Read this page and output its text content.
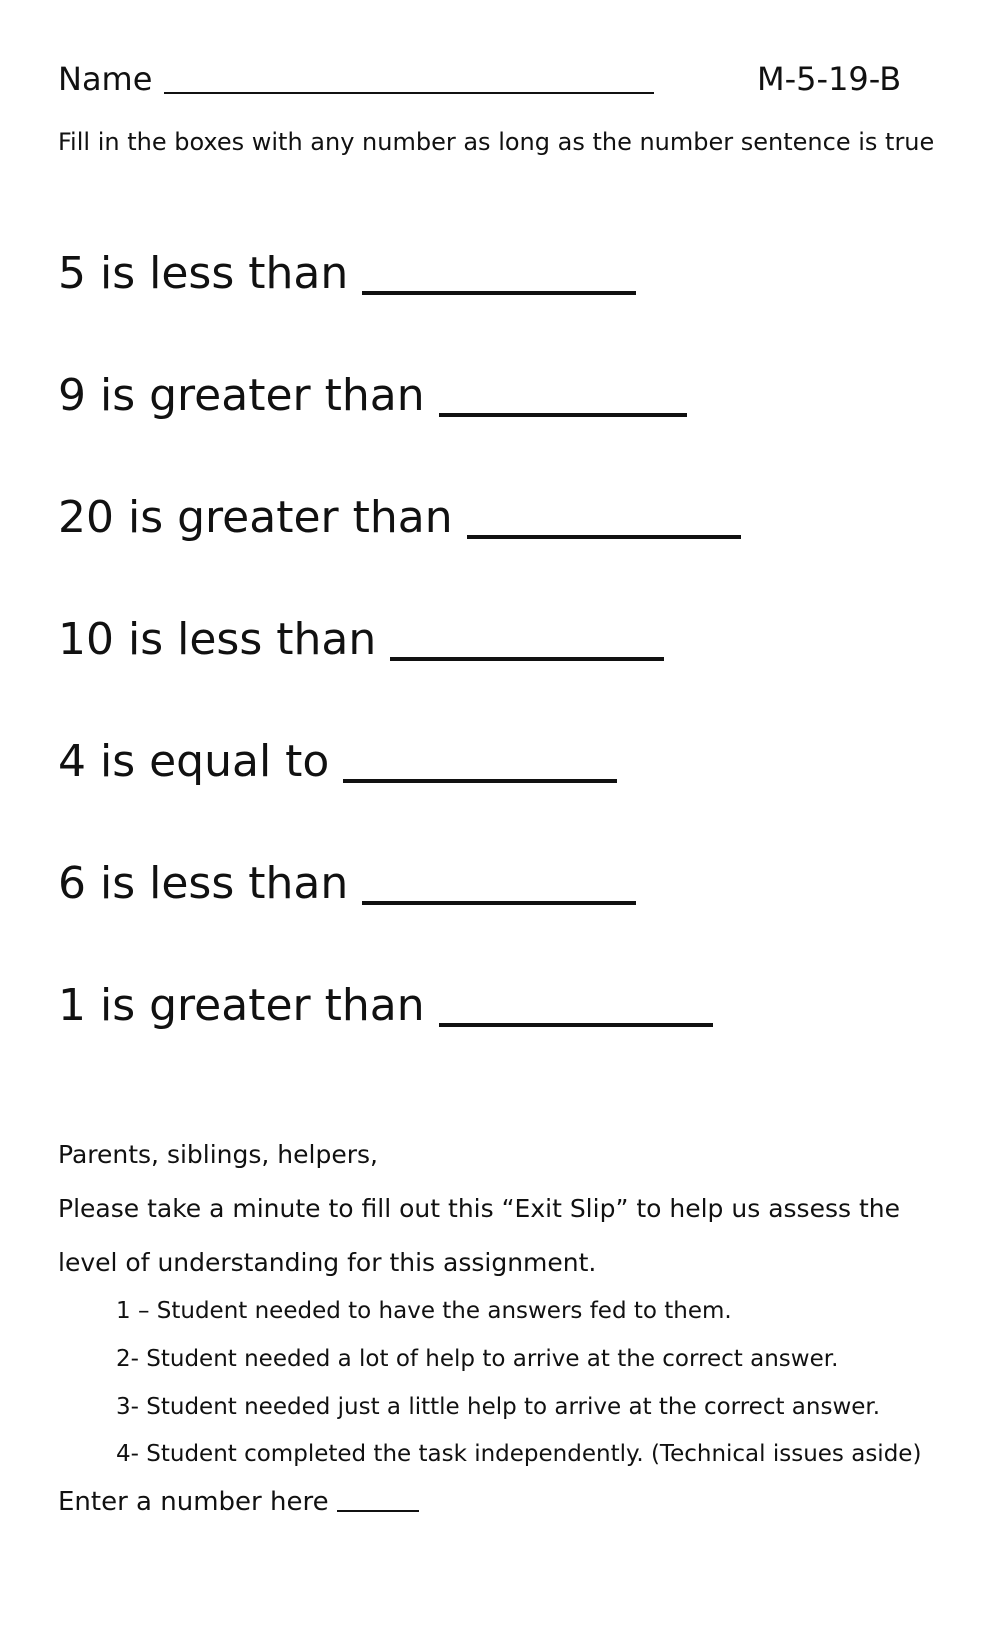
Name	M-5-19-B
Fill in the boxes with any number as long as the number sentence is true
5 is less than
9 is greater than
20 is greater than
10 is less than
4 is equal to
6 is less than
1 is greater than
Parents, siblings, helpers,
Please take a minute to fill out this “Exit Slip” to help us assess the
level of understanding for this assignment.
1 – Student needed to have the answers fed to them.
2- Student needed a lot of help to arrive at the correct answer.
3- Student needed just a little help to arrive at the correct answer.
4- Student completed the task independently. (Technical issues aside)
Enter a number here
